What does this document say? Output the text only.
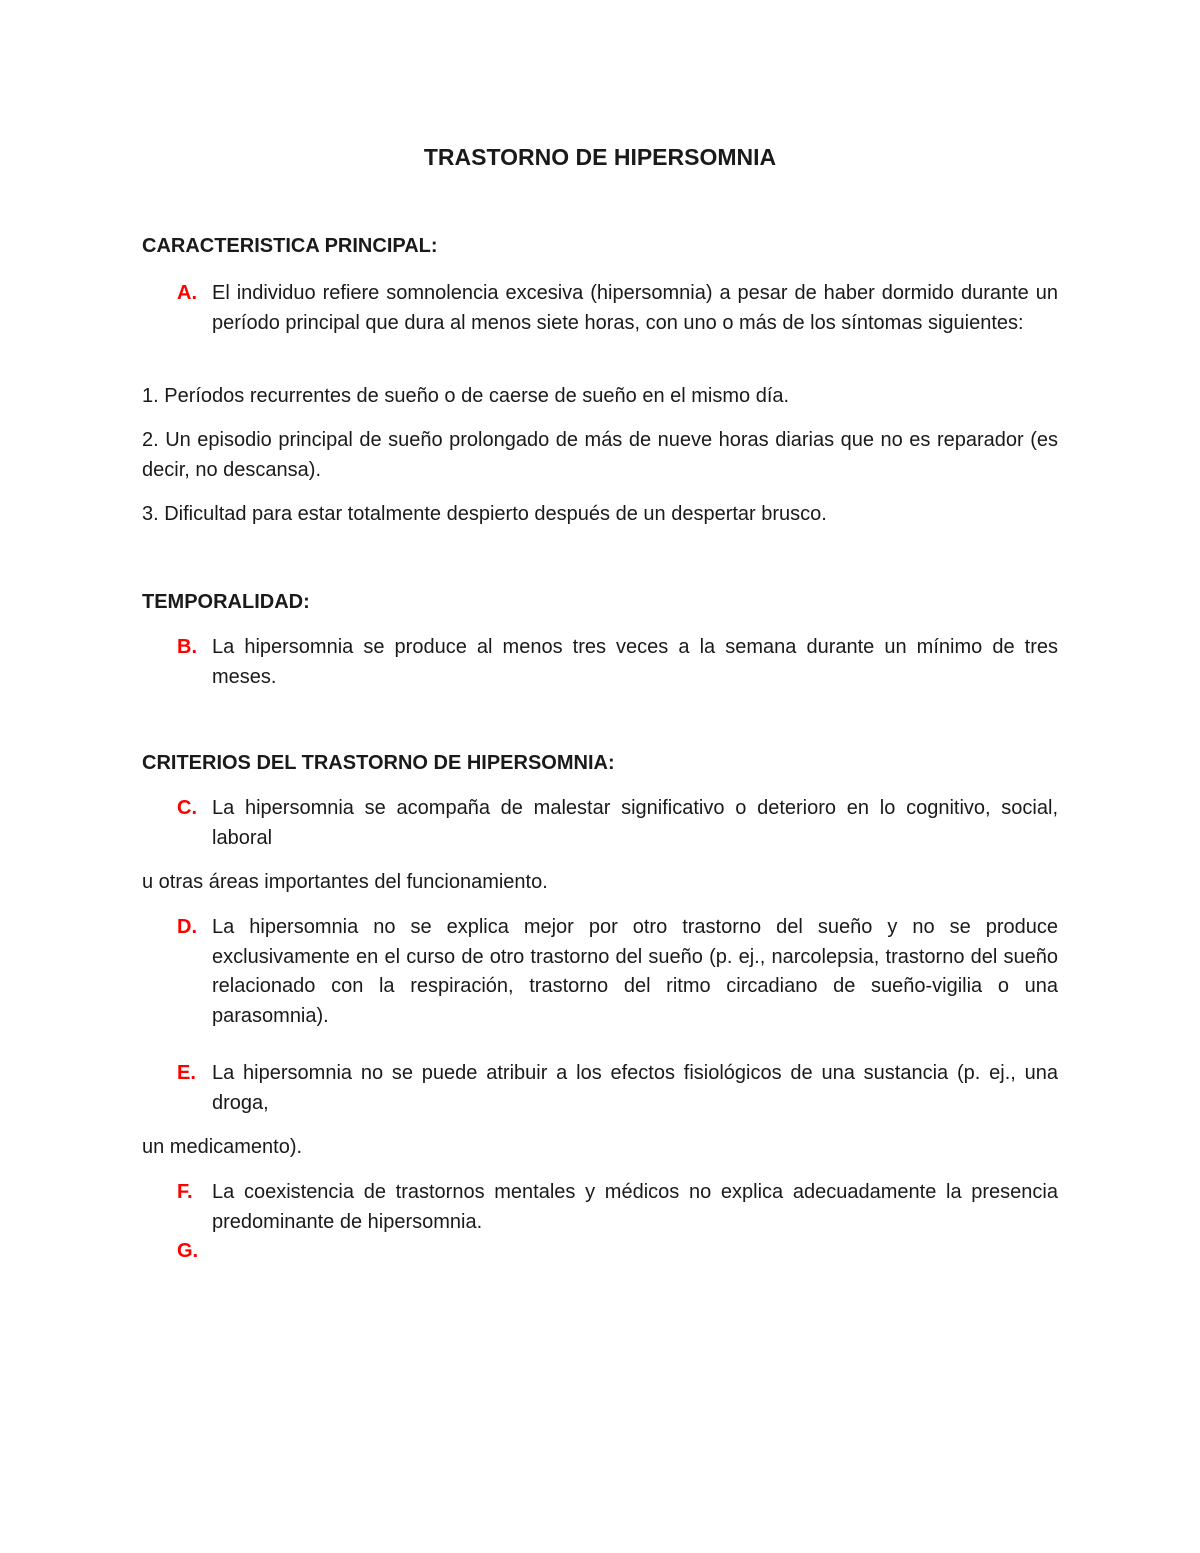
TRASTORNO DE HIPERSOMNIA
CARACTERISTICA PRINCIPAL:
A. El individuo refiere somnolencia excesiva (hipersomnia) a pesar de haber dormido durante un período principal que dura al menos siete horas, con uno o más de los síntomas siguientes:

1. Períodos recurrentes de sueño o de caerse de sueño en el mismo día.

2. Un episodio principal de sueño prolongado de más de nueve horas diarias que no es reparador (es decir, no descansa).

3. Dificultad para estar totalmente despierto después de un despertar brusco.

TEMPORALIDAD:
B. La hipersomnia se produce al menos tres veces a la semana durante un mínimo de tres meses.
CRITERIOS DEL TRASTORNO DE HIPERSOMNIA:
C. La hipersomnia se acompaña de malestar significativo o deterioro en lo cognitivo, social, laboral

u otras áreas importantes del funcionamiento.

D. La hipersomnia no se explica mejor por otro trastorno del sueño y no se produce exclusivamente en el curso de otro trastorno del sueño (p. ej., narcolepsia, trastorno del sueño relacionado con la respiración, trastorno del ritmo circadiano de sueño-vigilia o una parasomnia).
E. La hipersomnia no se puede atribuir a los efectos fisiológicos de una sustancia (p. ej., una droga,

un medicamento).

F. La coexistencia de trastornos mentales y médicos no explica adecuadamente la presencia predominante de hipersomnia.
G.
